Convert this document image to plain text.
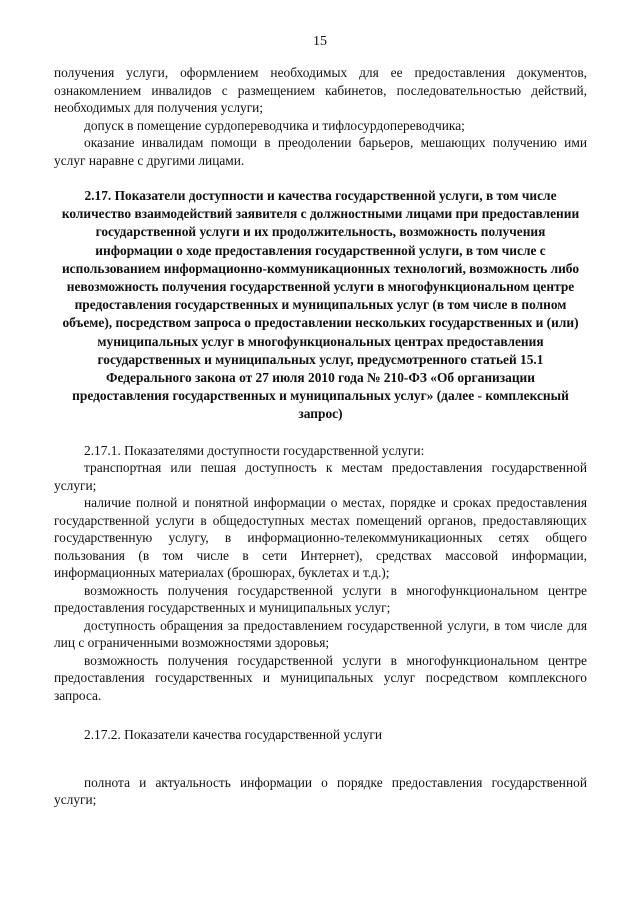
15

получения услуги, оформлением необходимых для ее предоставления документов, ознакомлением инвалидов с размещением кабинетов, последовательностью действий, необходимых для получения услуги;

допуск в помещение сурдопереводчика и тифлосурдопереводчика;

оказание инвалидам помощи в преодолении барьеров, мешающих получению ими услуг наравне с другими лицами.

2.17. Показатели доступности и качества государственной услуги, в том числе количество взаимодействий заявителя с должностными лицами при предоставлении государственной услуги и их продолжительность, возможность получения информации о ходе предоставления государственной услуги, в том числе с использованием информационно-коммуникационных технологий, возможность либо невозможность получения государственной услуги в многофункциональном центре предоставления государственных и муниципальных услуг (в том числе в полном объеме), посредством запроса о предоставлении нескольких государственных и (или) муниципальных услуг в многофункциональных центрах предоставления государственных и муниципальных услуг, предусмотренного статьей 15.1 Федерального закона от 27 июля 2010 года № 210-ФЗ «Об организации предоставления государственных и муниципальных услуг» (далее - комплексный запрос)

2.17.1. Показателями доступности государственной услуги:

транспортная или пешая доступность к местам предоставления государственной услуги;

наличие полной и понятной информации о местах, порядке и сроках предоставления государственной услуги в общедоступных местах помещений органов, предоставляющих государственную услугу, в информационно-телекоммуникационных сетях общего пользования (в том числе в сети Интернет), средствах массовой информации, информационных материалах (брошюрах, буклетах и т.д.);

возможность получения государственной услуги в многофункциональном центре предоставления государственных и муниципальных услуг;

доступность обращения за предоставлением государственной услуги, в том числе для лиц с ограниченными возможностями здоровья;

возможность получения государственной услуги в многофункциональном центре предоставления государственных и муниципальных услуг посредством комплексного запроса.

2.17.2. Показатели качества государственной услуги

полнота и актуальность информации о порядке предоставления государственной услуги;
